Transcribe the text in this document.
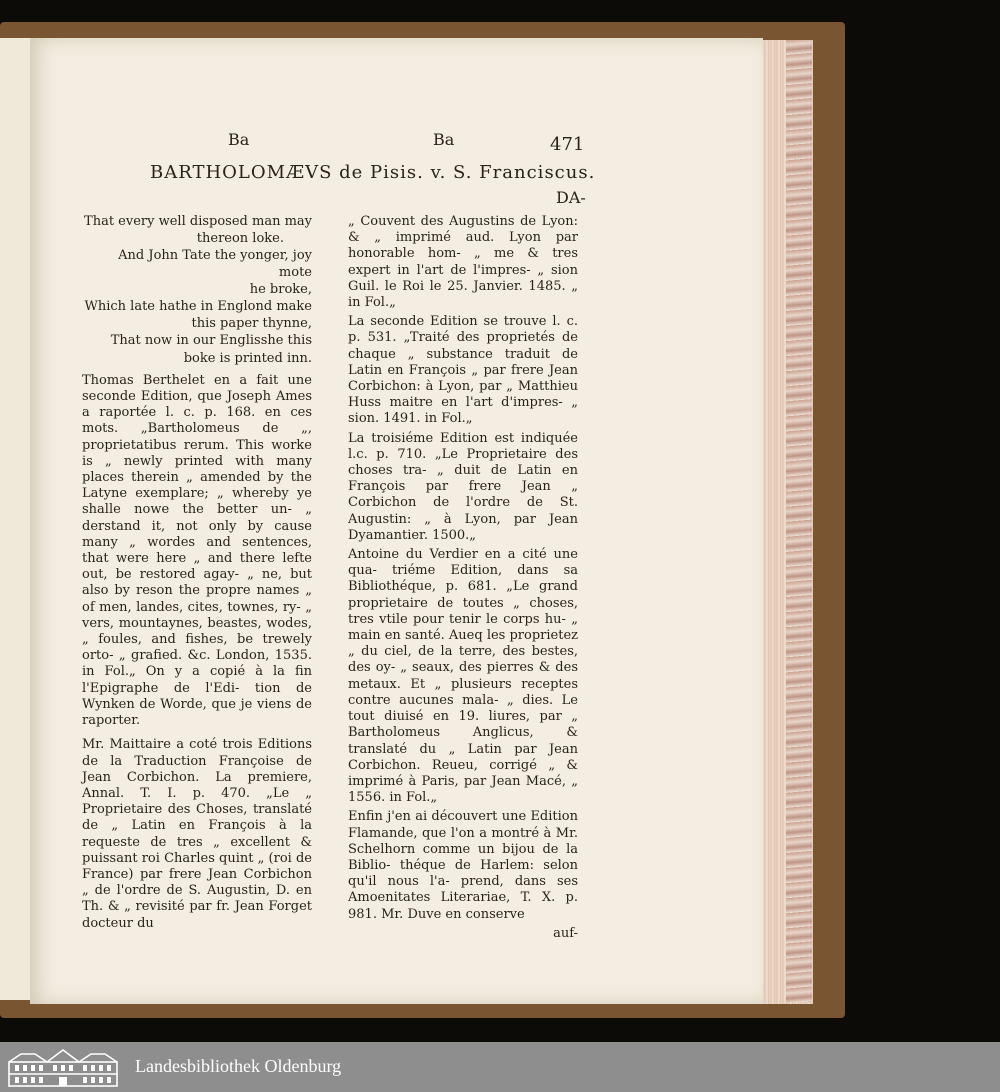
Ba	Ba	471
BARTHOLOMÆVS de Pisis. v. S. Franciscus.
DA-
That every well disposed man may
thereon loke.
And John Tate the yonger, joy mote
he broke,
Which late hathe in Englond make
this paper thynne,
That now in our Englisshe this
boke is printed inn.

Thomas Berthelet en a fait une seconde Edition, que Joseph Ames a raportée l. c. p. 168. en ces mots. „Bartholomeus de „, proprietatibus rerum. This worke is „ newly printed with many places therein „ amended by the Latyne exemplare; „ whereby ye shalle nowe the better un- „ derstand it, not only by cause many „ wordes and sentences, that were here „ and there lefte out, be restored agay- „ ne, but also by reson the propre names „ of men, landes, cites, townes, ry- „ vers, mountaynes, beastes, wodes, „ foules, and fishes, be trewely orto- „ grafied. &c. London, 1535. in Fol.„ On y a copié à la fin l'Epigraphe de l'Edi- tion de Wynken de Worde, que je viens de raporter.

Mr. Maittaire a coté trois Editions de la Traduction Françoise de Jean Corbichon. La premiere, Annal. T. I. p. 470. „Le „ Proprietaire des Choses, translaté de „ Latin en François à la requeste de tres „ excellent & puissant roi Charles quint „ (roi de France) par frere Jean Corbichon „ de l'ordre de S. Augustin, D. en Th. & „ revisité par fr. Jean Forget docteur du

„ Couvent des Augustins de Lyon: & „ imprimé aud. Lyon par honorable hom- „ me & tres expert in l'art de l'impres- „ sion Guil. le Roi le 25. Janvier. 1485. „ in Fol.„

La seconde Edition se trouve l. c. p. 531. „Traité des proprietés de chaque „ substance traduit de Latin en François „ par frere Jean Corbichon: à Lyon, par „ Matthieu Huss maitre en l'art d'impres- „ sion. 1491. in Fol.„

La troisiéme Edition est indiquée l.c. p. 710. „Le Proprietaire des choses tra- „ duit de Latin en François par frere Jean „ Corbichon de l'ordre de St. Augustin: „ à Lyon, par Jean Dyamantier. 1500.„

Antoine du Verdier en a cité une qua- triéme Edition, dans sa Bibliothéque, p. 681. „Le grand proprietaire de toutes „ choses, tres vtile pour tenir le corps hu- „ main en santé. Aueq les proprietez „ du ciel, de la terre, des bestes, des oy- „ seaux, des pierres & des metaux. Et „ plusieurs receptes contre aucunes mala- „ dies. Le tout diuisé en 19. liures, par „ Bartholomeus Anglicus, & translaté du „ Latin par Jean Corbichon. Reueu, corrigé „ & imprimé à Paris, par Jean Macé, „ 1556. in Fol.„

Enfin j'en ai découvert une Edition Flamande, que l'on a montré à Mr. Schelhorn comme un bijou de la Biblio- théque de Harlem: selon qu'il nous l'a- prend, dans ses Amoenitates Literariae, T. X. p. 981. Mr. Duve en conserve

auf-

Landesbibliothek Oldenburg
